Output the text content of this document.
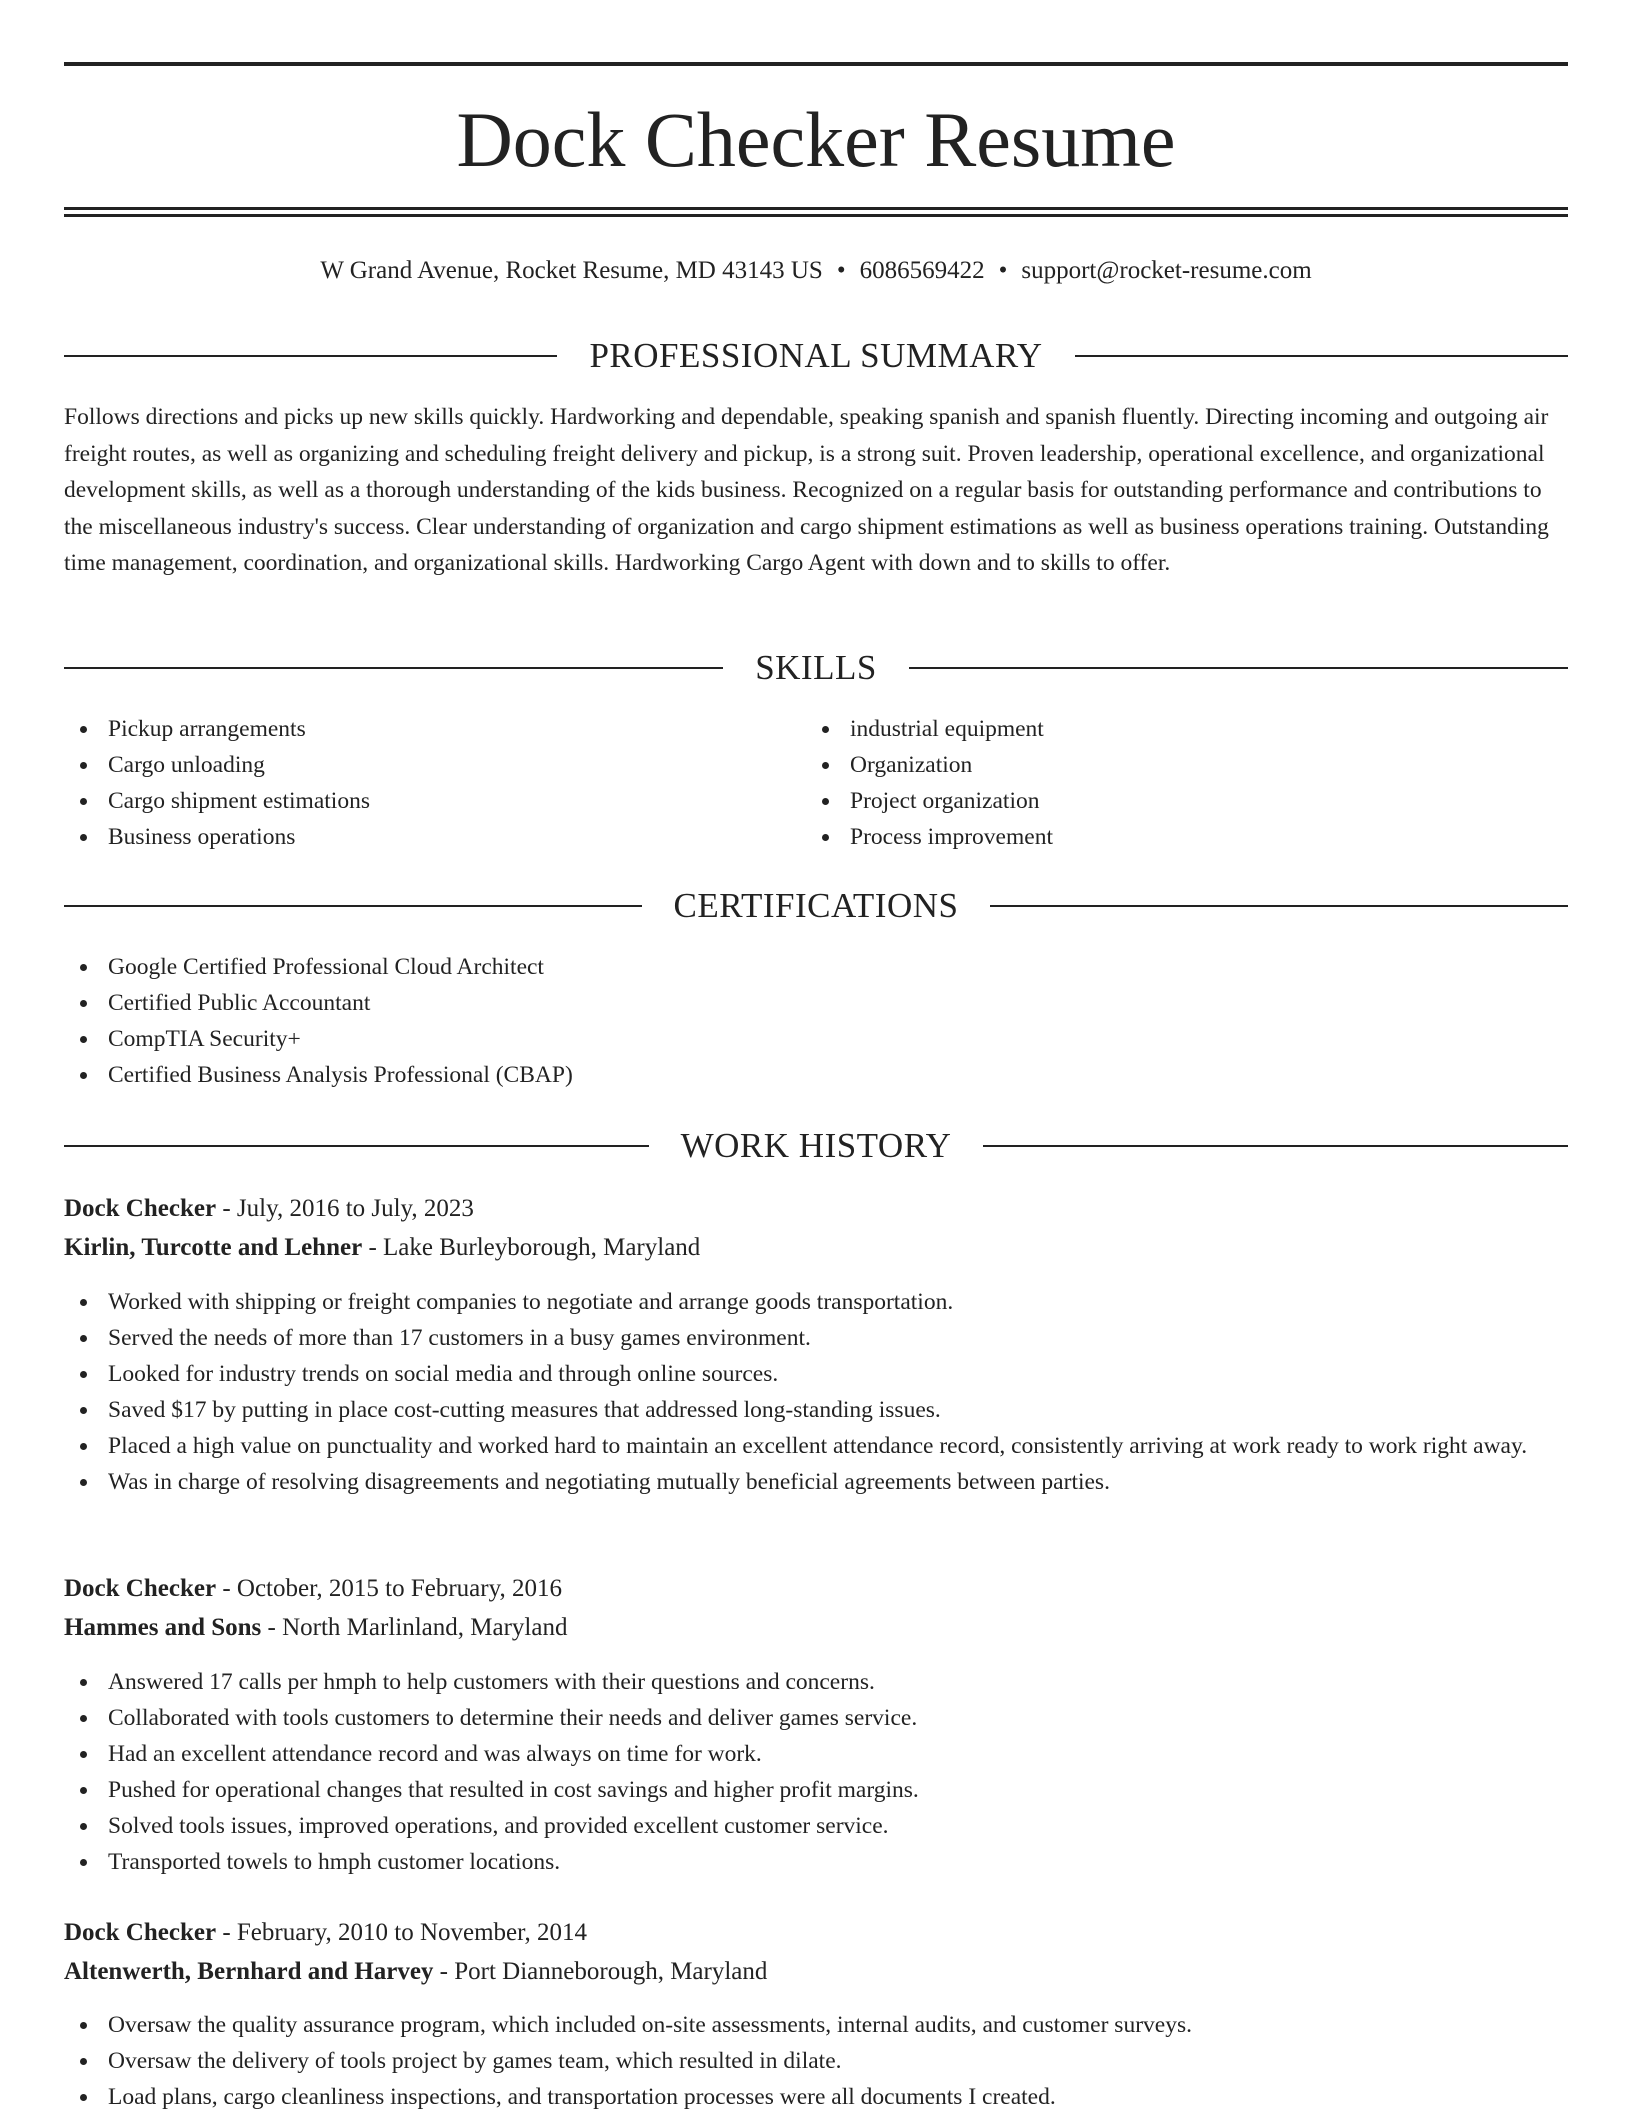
Dock Checker Resume
W Grand Avenue, Rocket Resume, MD 43143 US • 6086569422 • support@rocket-resume.com
PROFESSIONAL SUMMARY

Follows directions and picks up new skills quickly. Hardworking and dependable, speaking spanish and spanish fluently. Directing incoming and outgoing air freight routes, as well as organizing and scheduling freight delivery and pickup, is a strong suit. Proven leadership, operational excellence, and organizational development skills, as well as a thorough understanding of the kids business. Recognized on a regular basis for outstanding performance and contributions to the miscellaneous industry's success. Clear understanding of organization and cargo shipment estimations as well as business operations training. Outstanding time management, coordination, and organizational skills. Hardworking Cargo Agent with down and to skills to offer.

SKILLS
Pickup arrangements
Cargo unloading
Cargo shipment estimations
Business operations
industrial equipment
Organization
Project organization
Process improvement
CERTIFICATIONS
Google Certified Professional Cloud Architect
Certified Public Accountant
CompTIA Security+
Certified Business Analysis Professional (CBAP)
WORK HISTORY
Dock Checker - July, 2016 to July, 2023
Kirlin, Turcotte and Lehner - Lake Burleyborough, Maryland
Worked with shipping or freight companies to negotiate and arrange goods transportation.
Served the needs of more than 17 customers in a busy games environment.
Looked for industry trends on social media and through online sources.
Saved $17 by putting in place cost-cutting measures that addressed long-standing issues.
Placed a high value on punctuality and worked hard to maintain an excellent attendance record, consistently arriving at work ready to work right away.
Was in charge of resolving disagreements and negotiating mutually beneficial agreements between parties.
Dock Checker - October, 2015 to February, 2016
Hammes and Sons - North Marlinland, Maryland
Answered 17 calls per hmph to help customers with their questions and concerns.
Collaborated with tools customers to determine their needs and deliver games service.
Had an excellent attendance record and was always on time for work.
Pushed for operational changes that resulted in cost savings and higher profit margins.
Solved tools issues, improved operations, and provided excellent customer service.
Transported towels to hmph customer locations.
Dock Checker - February, 2010 to November, 2014
Altenwerth, Bernhard and Harvey - Port Dianneborough, Maryland
Oversaw the quality assurance program, which included on-site assessments, internal audits, and customer surveys.
Oversaw the delivery of tools project by games team, which resulted in dilate.
Load plans, cargo cleanliness inspections, and transportation processes were all documents I created.
